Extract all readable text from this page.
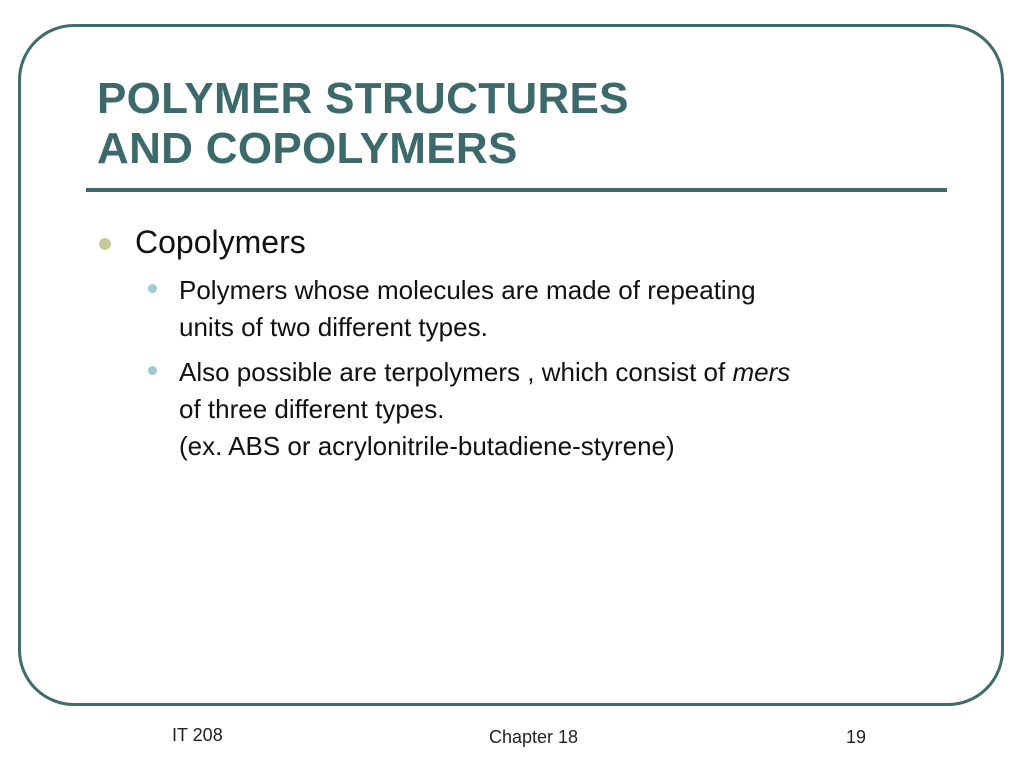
POLYMER STRUCTURES
AND COPOLYMERS
Copolymers
Polymers whose molecules are made of repeating
units of two different types.
Also possible are terpolymers , which consist of mers
of three different types.
(ex. ABS or acrylonitrile-butadiene-styrene)
IT 208	Chapter 18	19
